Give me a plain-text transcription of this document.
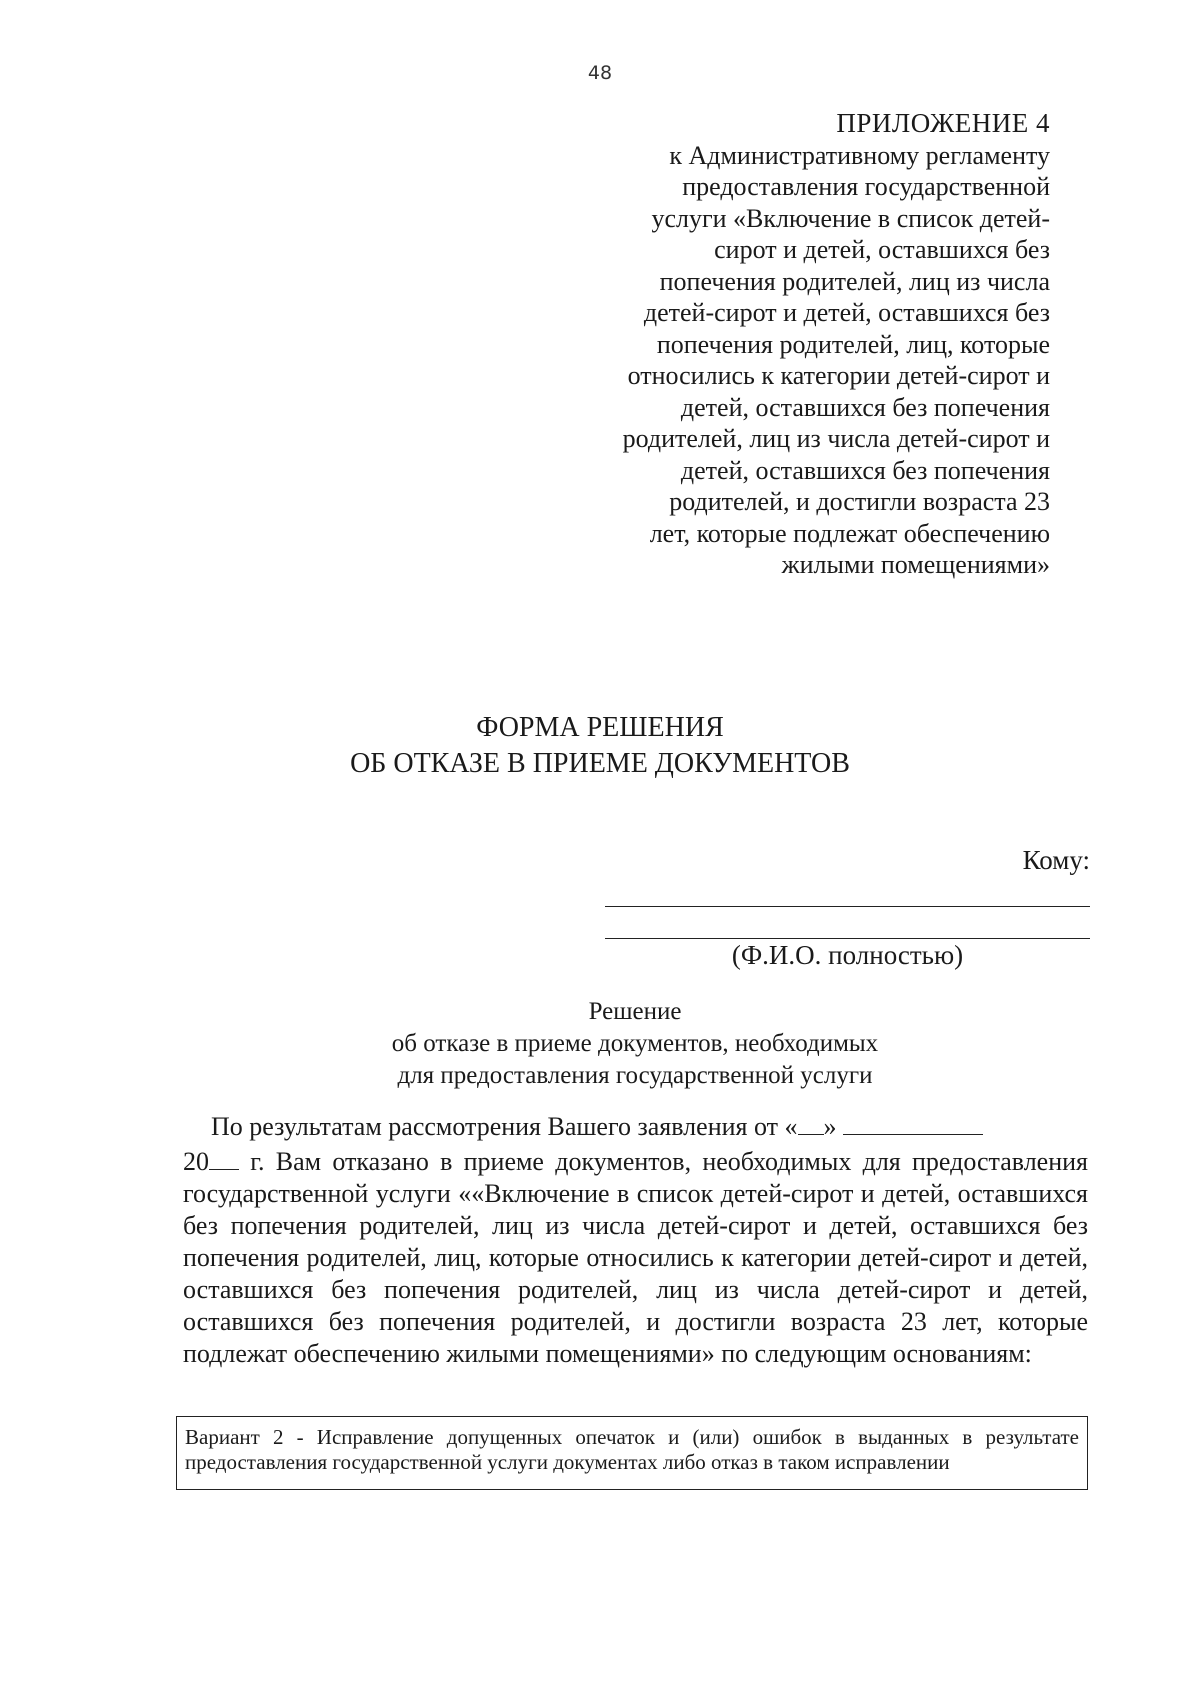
48
ПРИЛОЖЕНИЕ 4
к Административному регламенту
предоставления государственной
услуги «Включение в список детей-
сирот и детей, оставшихся без
попечения родителей, лиц из числа
детей-сирот и детей, оставшихся без
попечения родителей, лиц, которые
относились к категории детей-сирот и
детей, оставшихся без попечения
родителей, лиц из числа детей-сирот и
детей, оставшихся без попечения
родителей, и достигли возраста 23
лет, которые подлежат обеспечению
жилыми помещениями»
ФОРМА РЕШЕНИЯ
ОБ ОТКАЗЕ В ПРИЕМЕ ДОКУМЕНТОВ
Кому:
(Ф.И.О. полностью)
Решение
об отказе в приеме документов, необходимых
для предоставления государственной услуги
По результатам рассмотрения Вашего заявления от « »
20 г. Вам отказано в приеме документов, необходимых для предоставления государственной услуги ««Включение в список детей-сирот и детей, оставшихся без попечения родителей, лиц из числа детей-сирот и детей, оставшихся без попечения родителей, лиц, которые относились к категории детей-сирот и детей, оставшихся без попечения родителей, лиц из числа детей-сирот и детей, оставшихся без попечения родителей, и достигли возраста 23 лет, которые подлежат обеспечению жилыми помещениями» по следующим основаниям:
Вариант 2 - Исправление допущенных опечаток и (или) ошибок в выданных в результате предоставления государственной услуги документах либо отказ в таком исправлении
